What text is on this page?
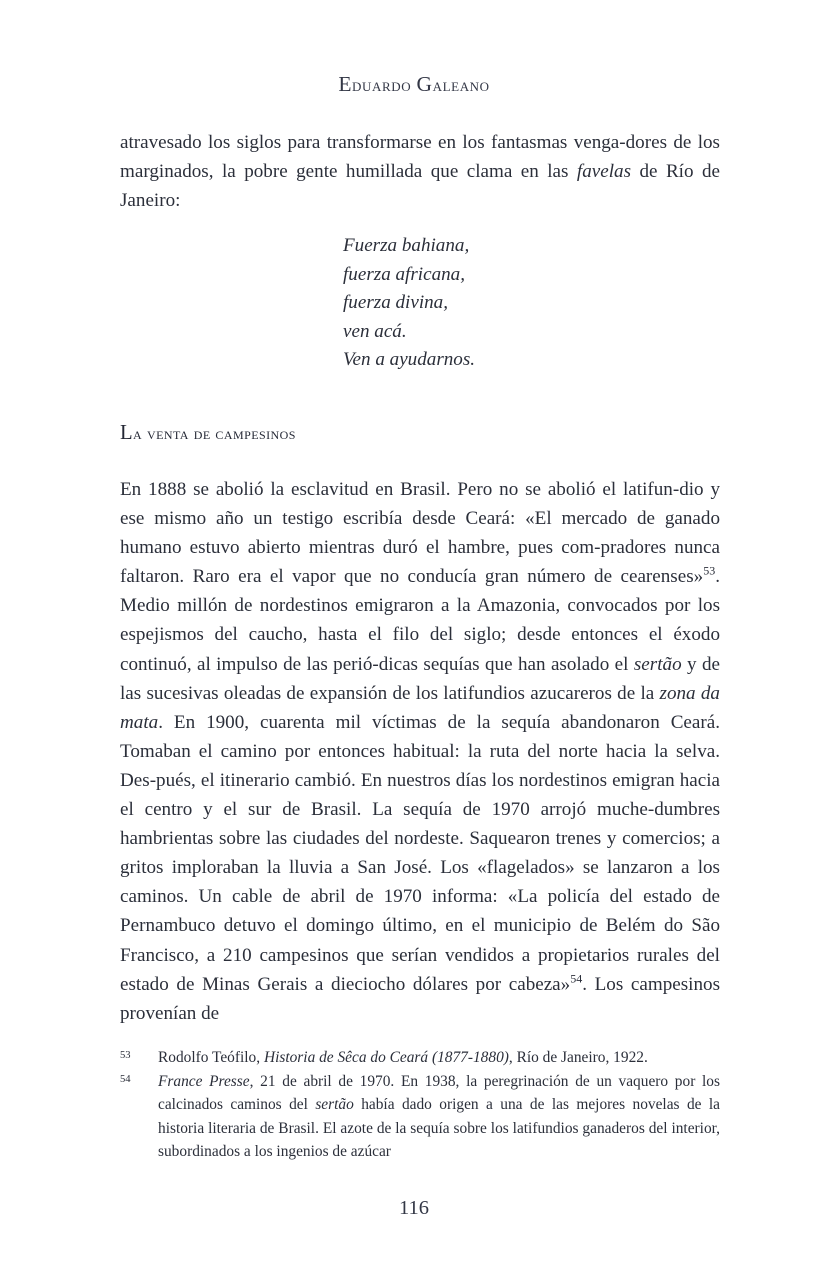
Eduardo Galeano

atravesado los siglos para transformarse en los fantasmas venga-dores de los marginados, la pobre gente humillada que clama en las favelas de Río de Janeiro:

Fuerza bahiana,
fuerza africana,
fuerza divina,
ven acá.
Ven a ayudarnos.
La venta de campesinos

En 1888 se abolió la esclavitud en Brasil. Pero no se abolió el latifun-dio y ese mismo año un testigo escribía desde Ceará: «El mercado de ganado humano estuvo abierto mientras duró el hambre, pues com-pradores nunca faltaron. Raro era el vapor que no conducía gran número de cearenses»$^{53}$. Medio millón de nordestinos emigraron a la Amazonia, convocados por los espejismos del caucho, hasta el filo del siglo; desde entonces el éxodo continuó, al impulso de las perió-dicas sequías que han asolado el sertão y de las sucesivas oleadas de expansión de los latifundios azucareros de la zona da mata. En 1900, cuarenta mil víctimas de la sequía abandonaron Ceará. Tomaban el camino por entonces habitual: la ruta del norte hacia la selva. Des-pués, el itinerario cambió. En nuestros días los nordestinos emigran hacia el centro y el sur de Brasil. La sequía de 1970 arrojó muche-dumbres hambrientas sobre las ciudades del nordeste. Saquearon trenes y comercios; a gritos imploraban la lluvia a San José. Los «flagelados» se lanzaron a los caminos. Un cable de abril de 1970 informa: «La policía del estado de Pernambuco detuvo el domingo último, en el municipio de Belém do São Francisco, a 210 campesinos que serían vendidos a propietarios rurales del estado de Minas Gerais a dieciocho dólares por cabeza»$^{54}$. Los campesinos provenían de

53 Rodolfo Teófilo, Historia de Sêca do Ceará (1877-1880), Río de Janeiro, 1922.

54 France Presse, 21 de abril de 1970. En 1938, la peregrinación de un vaquero por los calcinados caminos del sertão había dado origen a una de las mejores novelas de la historia literaria de Brasil. El azote de la sequía sobre los latifundios ganaderos del interior, subordinados a los ingenios de azúcar

116
